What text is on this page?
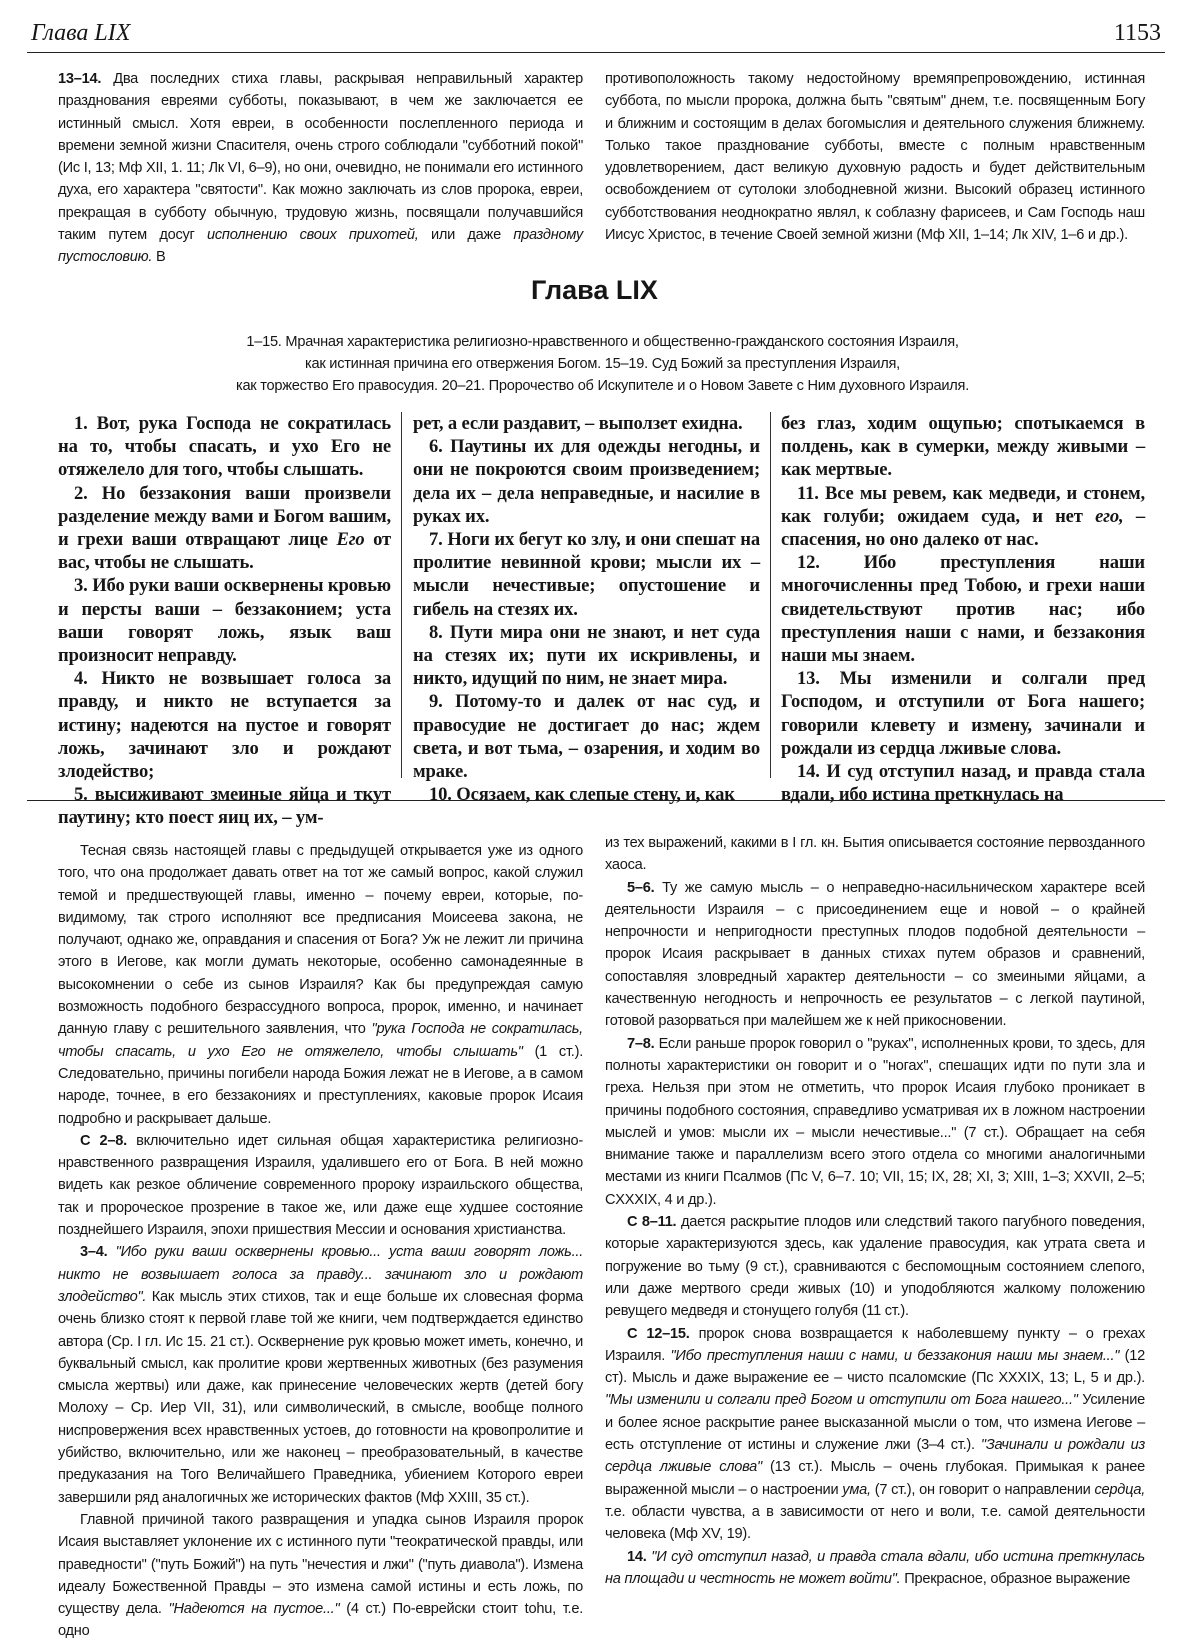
Глава LIX	1153

13–14. Два последних стиха главы, раскрывая неправильный характер празднования евреями субботы, показывают, в чем же заключается ее истинный смысл. Хотя евреи, в особенности послепленного периода и времени земной жизни Спасителя, очень строго соблюдали "субботний покой" (Ис I, 13; Мф XII, 1. 11; Лк VI, 6–9), но они, очевидно, не понимали его истинного духа, его характера "святости". Как можно заключать из слов пророка, евреи, прекращая в субботу обычную, трудовую жизнь, посвящали получавшийся таким путем досуг исполнению своих прихотей, или даже праздному пустословию. В

противоположность такому недостойному времяпрепровождению, истинная суббота, по мысли пророка, должна быть "святым" днем, т.е. посвященным Богу и ближним и состоящим в делах богомыслия и деятельного служения ближнему. Только такое празднование субботы, вместе с полным нравственным удовлетворением, даст великую духовную радость и будет действительным освобождением от сутолоки злободневной жизни. Высокий образец истинного субботствования неоднократно являл, к соблазну фарисеев, и Сам Господь наш Иисус Христос, в течение Своей земной жизни (Мф XII, 1–14; Лк XIV, 1–6 и др.).

Глава LIX
1–15. Мрачная характеристика религиозно-нравственного и общественно-гражданского состояния Израиля,
как истинная причина его отвержения Богом. 15–19. Суд Божий за преступления Израиля,
как торжество Его правосудия. 20–21. Пророчество об Искупителе и о Новом Завете с Ним духовного Израиля.

1. Вот, рука Господа не сократилась на то, чтобы спасать, и ухо Его не отяжелело для того, чтобы слышать.

2. Но беззакония ваши произвели разделение между вами и Богом вашим, и грехи ваши отвращают лице Его от вас, чтобы не слышать.

3. Ибо руки ваши осквернены кровью и персты ваши – беззаконием; уста ваши говорят ложь, язык ваш произносит неправду.

4. Никто не возвышает голоса за правду, и никто не вступается за истину; надеются на пустое и говорят ложь, зачинают зло и рождают злодейство;

5. высиживают змеиные яйца и ткут паутину; кто поест яиц их, – ум-

рет, а если раздавит, – выползет ехидна.

6. Паутины их для одежды негодны, и они не покроются своим произведением; дела их – дела неправедные, и насилие в руках их.

7. Ноги их бегут ко злу, и они спешат на пролитие невинной крови; мысли их – мысли нечестивые; опустошение и гибель на стезях их.

8. Пути мира они не знают, и нет суда на стезях их; пути их искривлены, и никто, идущий по ним, не знает мира.

9. Потому-то и далек от нас суд, и правосудие не достигает до нас; ждем света, и вот тьма, – озарения, и ходим во мраке.

10. Осязаем, как слепые стену, и, как

без глаз, ходим ощупью; спотыкаемся в полдень, как в сумерки, между живыми – как мертвые.

11. Все мы ревем, как медведи, и стонем, как голуби; ожидаем суда, и нет его, – спасения, но оно далеко от нас.

12. Ибо преступления наши многочисленны пред Тобою, и грехи наши свидетельствуют против нас; ибо преступления наши с нами, и беззакония наши мы знаем.

13. Мы изменили и солгали пред Господом, и отступили от Бога нашего; говорили клевету и измену, зачинали и рождали из сердца лживые слова.

14. И суд отступил назад, и правда стала вдали, ибо истина преткнулась на

Тесная связь настоящей главы с предыдущей открывается уже из одного того, что она продолжает давать ответ на тот же самый вопрос, какой служил темой и предшествующей главы, именно – почему евреи, которые, по-видимому, так строго исполняют все предписания Моисеева закона, не получают, однако же, оправдания и спасения от Бога? Уж не лежит ли причина этого в Иегове, как могли думать некоторые, особенно самонадеянные в высокомнении о себе из сынов Израиля? Как бы предупреждая самую возможность подобного безрассудного вопроса, пророк, именно, и начинает данную главу с решительного заявления, что "рука Господа не сократилась, чтобы спасать, и ухо Его не отяжелело, чтобы слышать" (1 ст.). Следовательно, причины погибели народа Божия лежат не в Иегове, а в самом народе, точнее, в его беззакониях и преступлениях, каковые пророк Исаия подробно и раскрывает дальше.

С 2–8. включительно идет сильная общая характеристика религиозно-нравственного развращения Израиля, удалившего его от Бога. В ней можно видеть как резкое обличение современного пророку израильского общества, так и пророческое прозрение в такое же, или даже еще худшее состояние позднейшего Израиля, эпохи пришествия Мессии и основания христианства.

3–4. "Ибо руки ваши осквернены кровью... уста ваши говорят ложь... никто не возвышает голоса за правду... зачинают зло и рождают злодейство". Как мысль этих стихов, так и еще больше их словесная форма очень близко стоят к первой главе той же книги, чем подтверждается единство автора (Ср. I гл. Ис 15. 21 ст.). Осквернение рук кровью может иметь, конечно, и буквальный смысл, как пролитие крови жертвенных животных (без разумения смысла жертвы) или даже, как принесение человеческих жертв (детей богу Молоху – Ср. Иер VII, 31), или символический, в смысле, вообще полного ниспровержения всех нравственных устоев, до готовности на кровопролитие и убийство, включительно, или же наконец – преобразовательный, в качестве предуказания на Того Величайшего Праведника, убиением Которого евреи завершили ряд аналогичных же исторических фактов (Мф XXIII, 35 ст.).

Главной причиной такого развращения и упадка сынов Израиля пророк Исаия выставляет уклонение их с истинного пути "теократической правды, или праведности" ("путь Божий") на путь "нечестия и лжи" ("путь диавола"). Измена идеалу Божественной Правды – это измена самой истины и есть ложь, по существу дела. "Надеются на пустое..." (4 ст.) По-еврейски стоит tohu, т.е. одно

из тех выражений, какими в I гл. кн. Бытия описывается состояние первозданного хаоса.

5–6. Ту же самую мысль – о неправедно-насильническом характере всей деятельности Израиля – с присоединением еще и новой – о крайней непрочности и непригодности преступных плодов подобной деятельности – пророк Исаия раскрывает в данных стихах путем образов и сравнений, сопоставляя зловредный характер деятельности – со змеиными яйцами, а качественную негодность и непрочность ее результатов – с легкой паутиной, готовой разорваться при малейшем же к ней прикосновении.

7–8. Если раньше пророк говорил о "руках", исполненных крови, то здесь, для полноты характеристики он говорит и о "ногах", спешащих идти по пути зла и греха. Нельзя при этом не отметить, что пророк Исаия глубоко проникает в причины подобного состояния, справедливо усматривая их в ложном настроении мыслей и умов: мысли их – мысли нечестивые..." (7 ст.). Обращает на себя внимание также и параллелизм всего этого отдела со многими аналогичными местами из книги Псалмов (Пс V, 6–7. 10; VII, 15; IX, 28; XI, 3; XIII, 1–3; XXVII, 2–5; CXXXIX, 4 и др.).

С 8–11. дается раскрытие плодов или следствий такого пагубного поведения, которые характеризуются здесь, как удаление правосудия, как утрата света и погружение во тьму (9 ст.), сравниваются с беспомощным состоянием слепого, или даже мертвого среди живых (10) и уподобляются жалкому положению ревущего медведя и стонущего голубя (11 ст.).

С 12–15. пророк снова возвращается к наболевшему пункту – о грехах Израиля. "Ибо преступления наши с нами, и беззакония наши мы знаем..." (12 ст). Мысль и даже выражение ее – чисто псаломские (Пс XXXIX, 13; L, 5 и др.). "Мы изменили и солгали пред Богом и отступили от Бога нашего..." Усиление и более ясное раскрытие ранее высказанной мысли о том, что измена Иегове – есть отступление от истины и служение лжи (3–4 ст.). "Зачинали и рождали из сердца лживые слова" (13 ст.). Мысль – очень глубокая. Примыкая к ранее выраженной мысли – о настроении ума, (7 ст.), он говорит о направлении сердца, т.е. области чувства, а в зависимости от него и воли, т.е. самой деятельности человека (Мф XV, 19).

14. "И суд отступил назад, и правда стала вдали, ибо истина преткнулась на площади и честность не может войти". Прекрасное, образное выражение
